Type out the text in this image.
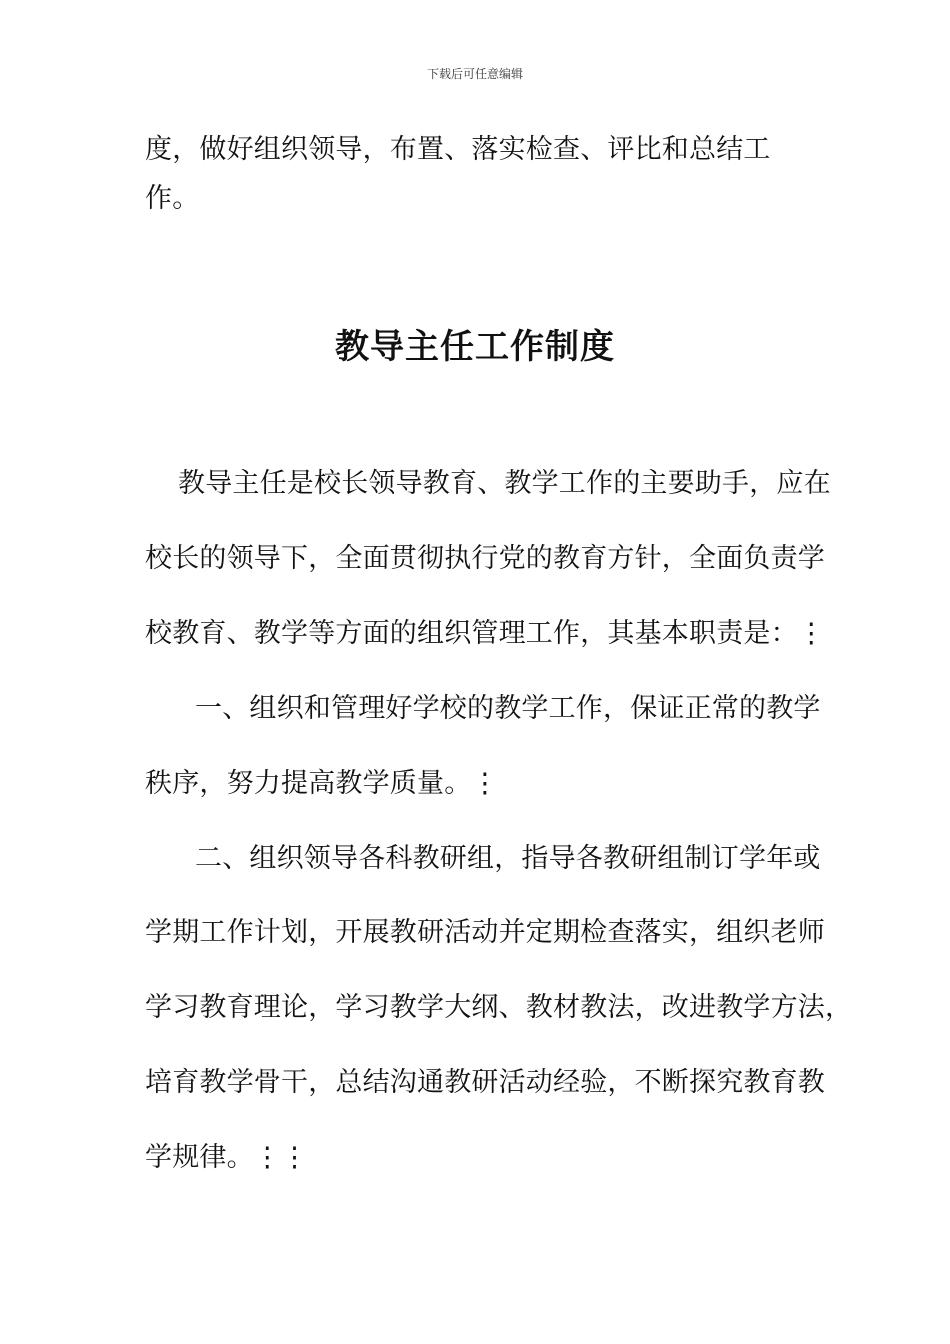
下载后可任意编辑
度，做好组织领导，布置、落实检查、评比和总结工
作。
教导主任工作制度
教导主任是校长领导教育、教学工作的主要助手，应在
校长的领导下，全面贯彻执行党的教育方针，全面负责学
校教育、教学等方面的组织管理工作，其基本职责是：⋮
一、组织和管理好学校的教学工作，保证正常的教学
秩序，努力提高教学质量。⋮
二、组织领导各科教研组，指导各教研组制订学年或
学期工作计划，开展教研活动并定期检查落实，组织老师
学习教育理论，学习教学大纲、教材教法，改进教学方法，
培育教学骨干，总结沟通教研活动经验，不断探究教育教
学规律。⋮⋮
